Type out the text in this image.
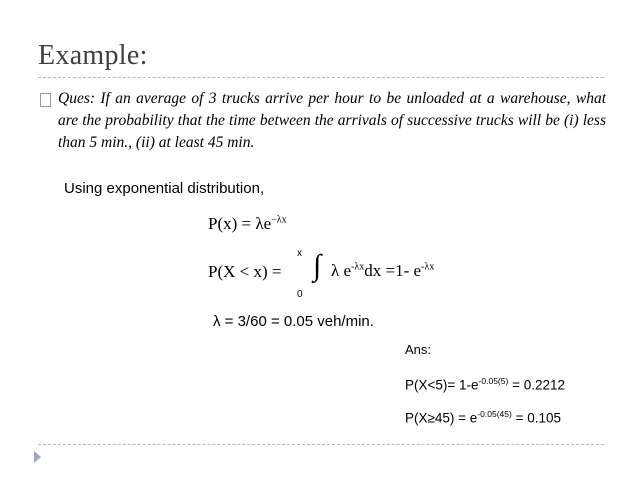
Example:

Ques: If an average of 3 trucks arrive per hour to be unloaded at a warehouse, what are the probability that the time between the arrivals of successive trucks will be (i) less than 5 min., (ii) at least 45 min.

Using exponential distribution,
$P(x) = \lambda e^{-\lambda x}$
P(X < x) =
x ∫
0
λ $e^{-\lambda x}dx =1-$ $e^{-\lambda x}$
λ = 3/60 = 0.05 veh/min.
Ans:
$P(X<5)= 1-e^{-0.05(5)} = 0.2212$
$P(X\ge 45) = e^{-0.05(45)} = 0.105$
